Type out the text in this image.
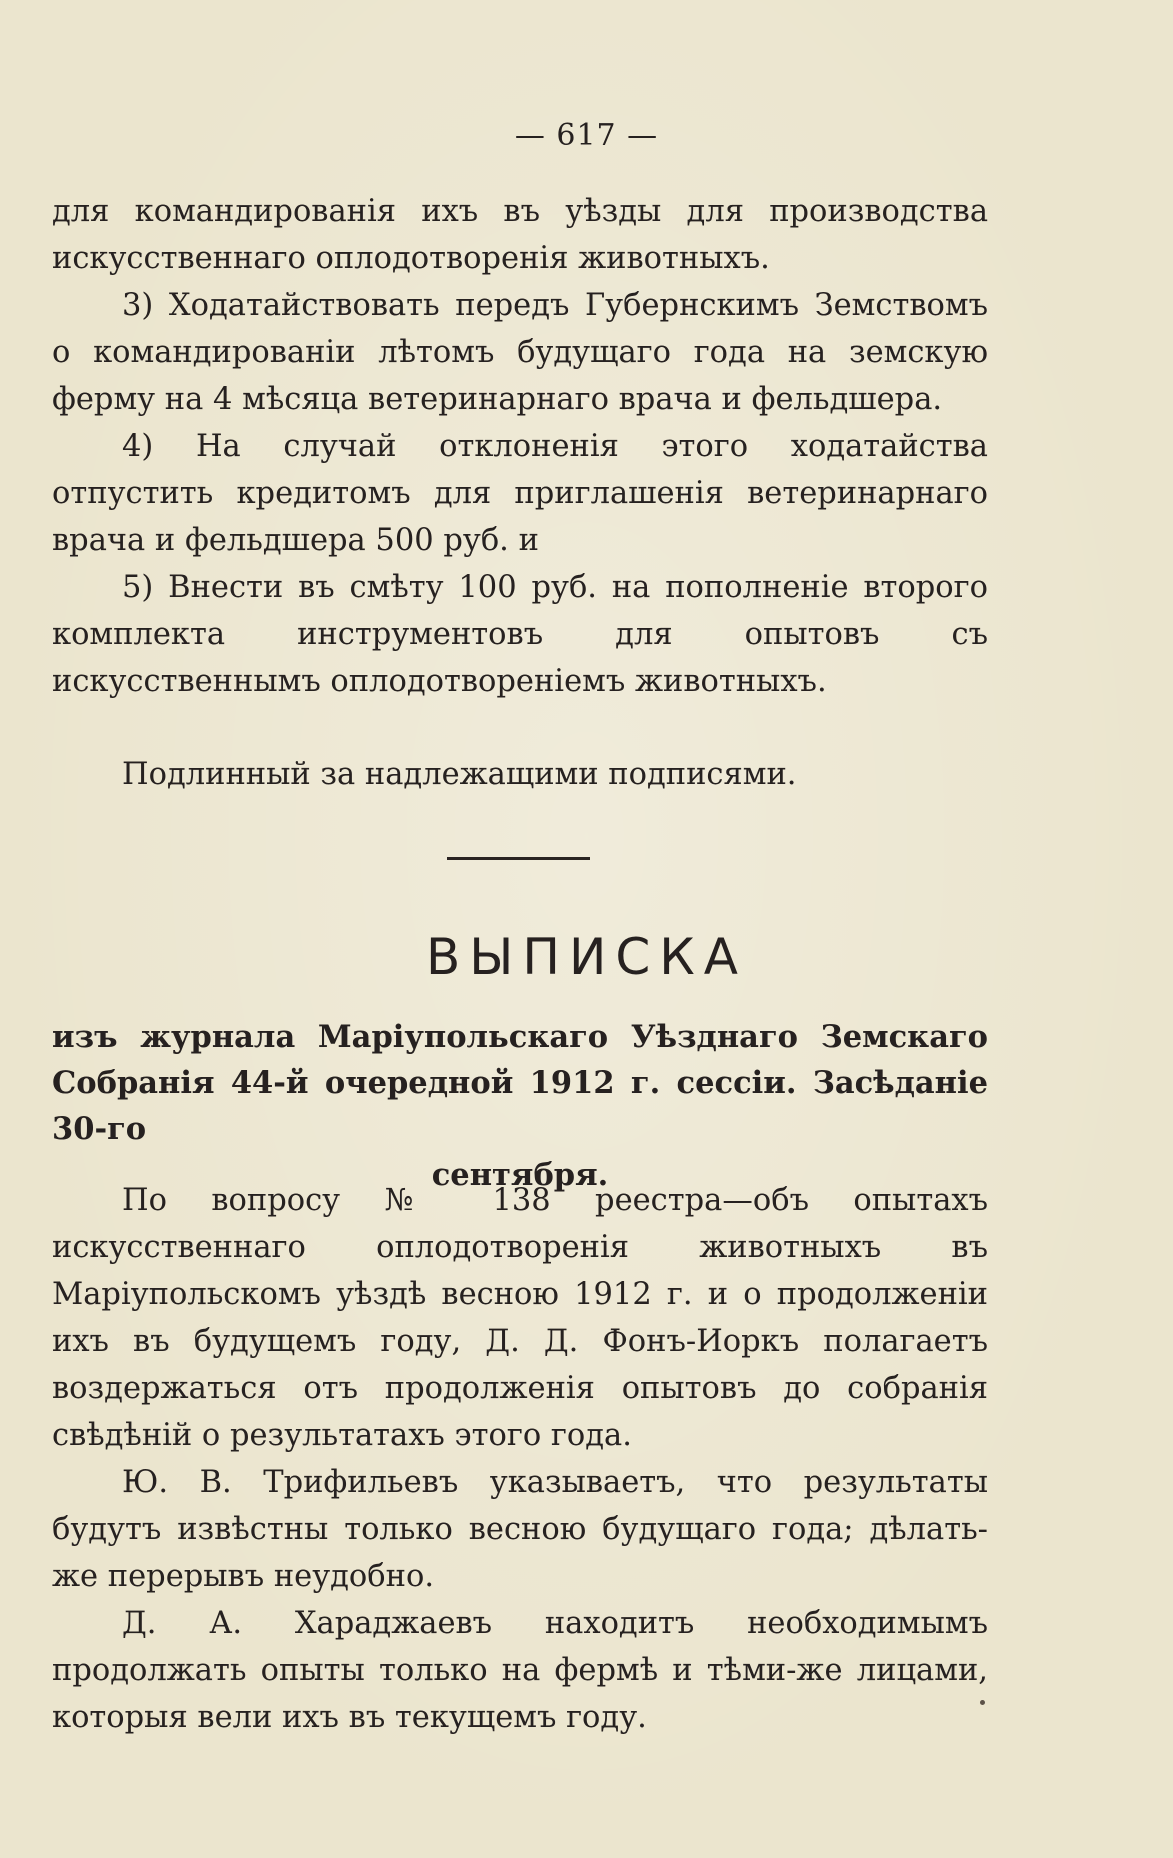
— 617 —

для командированія ихъ въ уѣзды для производства искусственнаго оплодотворенія животныхъ.

3) Ходатайствовать передъ Губернскимъ Земствомъ о командированіи лѣтомъ будущаго года на земскую ферму на 4 мѣсяца ветеринарнаго врача и фельдшера.

4) На случай отклоненія этого ходатайства отпустить кредитомъ для приглашенія ветеринарнаго врача и фельдшера 500 руб. и

5) Внести въ смѣту 100 руб. на пополненіе второго комплекта инструментовъ для опытовъ съ искусственнымъ оплодотвореніемъ животныхъ.

Подлинный за надлежащими подписями.
ВЫПИСКА
изъ журнала Маріупольскаго Уѣзднаго Земскаго Собранія 44-й очередной 1912 г. сессіи. Засѣданіе 30-го
сентября.

По вопросу № 138 реестра—объ опытахъ искусственнаго оплодотворенія животныхъ въ Маріупольскомъ уѣздѣ весною 1912 г. и о продолженіи ихъ въ будущемъ году, Д. Д. Фонъ-Иоркъ полагаетъ воздержаться отъ продолженія опытовъ до собранія свѣдѣній о результатахъ этого года.

Ю. В. Трифильевъ указываетъ, что результаты будутъ извѣстны только весною будущаго года; дѣлать-же перерывъ неудобно.

Д. А. Хараджаевъ находитъ необходимымъ продолжать опыты только на фермѣ и тѣми-же лицами, которыя вели ихъ въ текущемъ году.
